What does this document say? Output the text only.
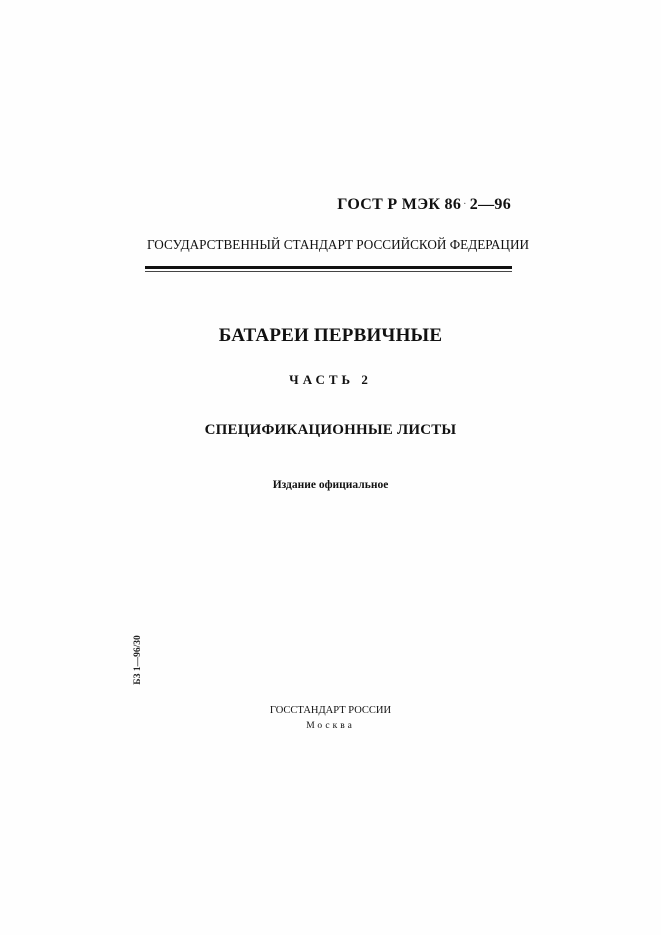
ГОСТ Р МЭК 86 · 2—96
ГОСУДАРСТВЕННЫЙ СТАНДАРТ РОССИЙСКОЙ ФЕДЕРАЦИИ
БАТАРЕИ ПЕРВИЧНЫЕ
ЧАСТЬ 2
СПЕЦИФИКАЦИОННЫЕ ЛИСТЫ
Издание официальное
БЗ 1—96/30
ГОССТАНДАРТ РОССИИ
Москва
